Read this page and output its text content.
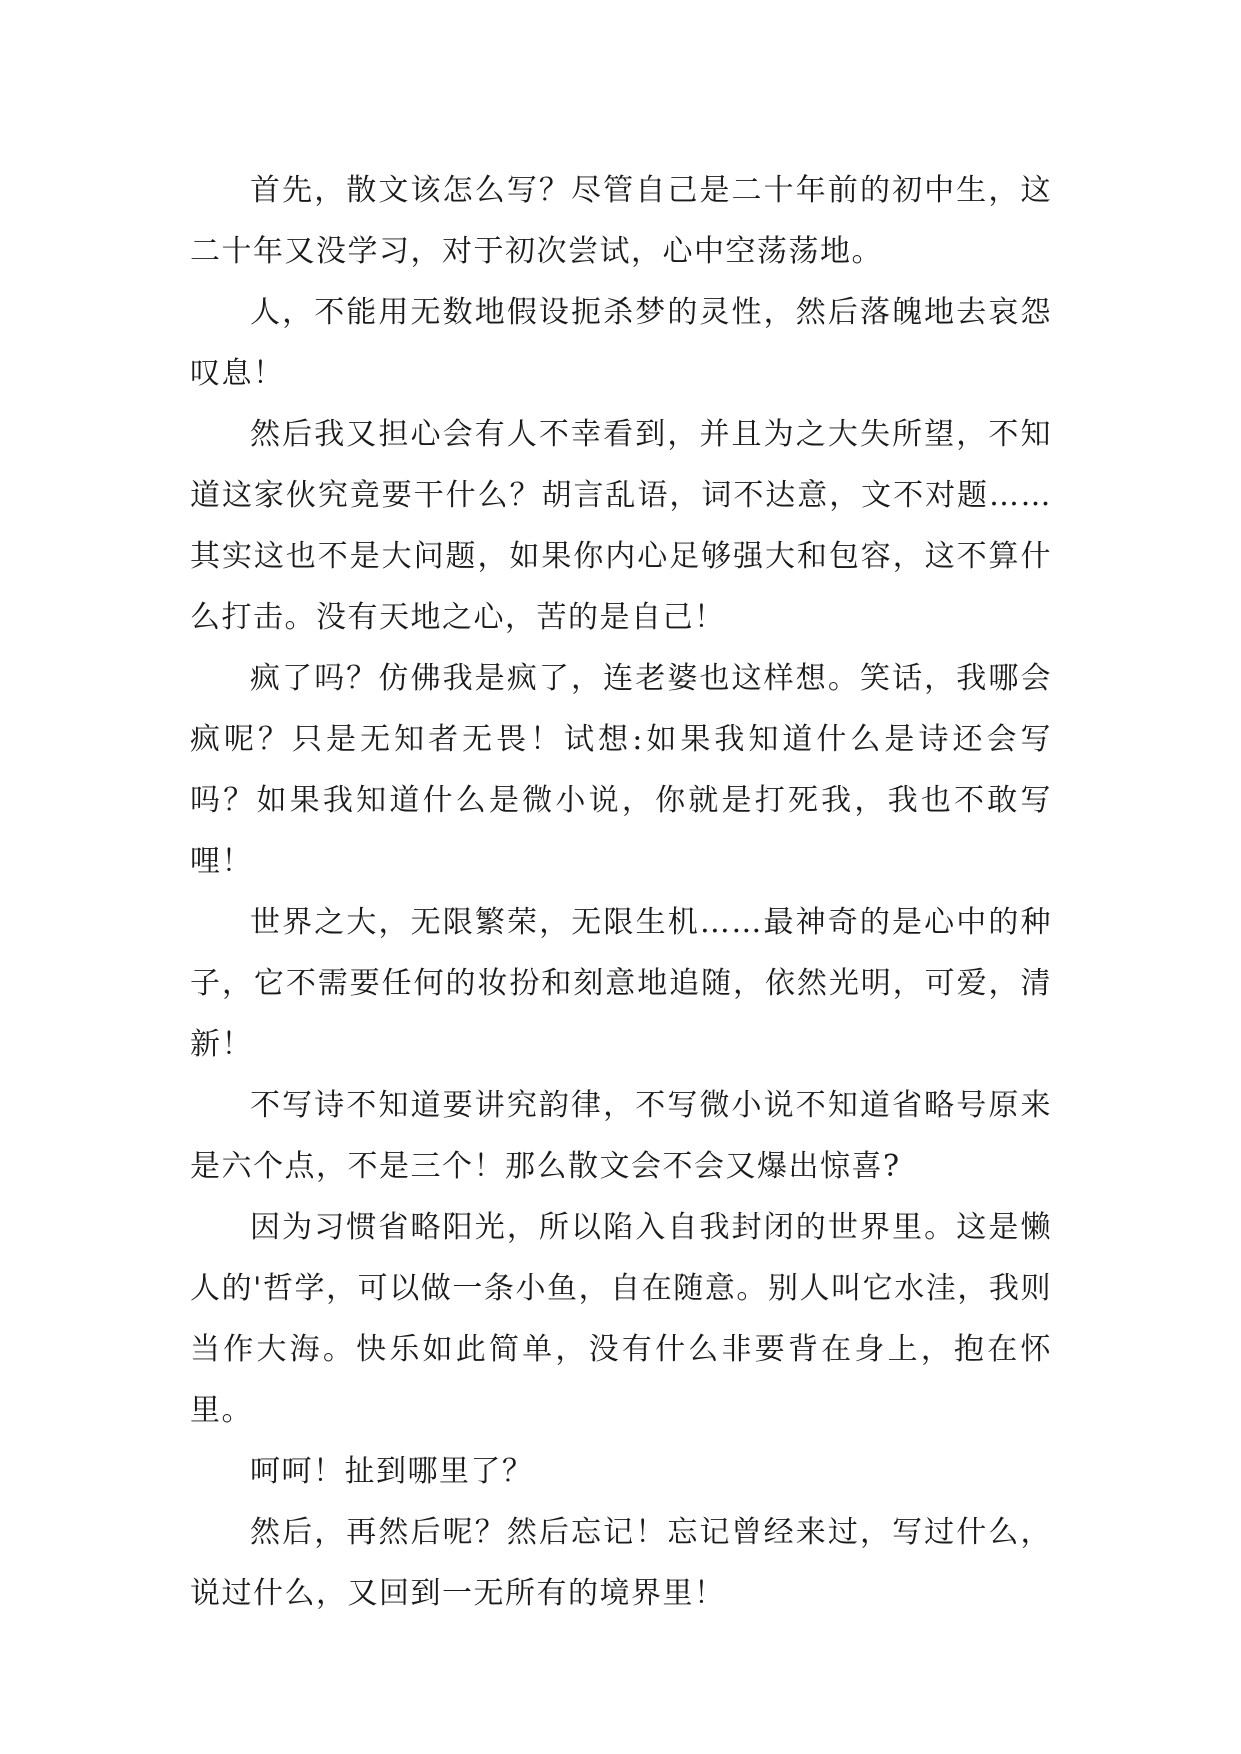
首先，散文该怎么写？尽管自己是二十年前的初中生，这二十年又没学习，对于初次尝试，心中空荡荡地。

人，不能用无数地假设扼杀梦的灵性，然后落魄地去哀怨叹息！

然后我又担心会有人不幸看到，并且为之大失所望，不知道这家伙究竟要干什么？胡言乱语，词不达意，文不对题……其实这也不是大问题，如果你内心足够强大和包容，这不算什么打击。没有天地之心，苦的是自己！

疯了吗？仿佛我是疯了，连老婆也这样想。笑话，我哪会疯呢？只是无知者无畏！试想:如果我知道什么是诗还会写吗？如果我知道什么是微小说，你就是打死我，我也不敢写哩！

世界之大，无限繁荣，无限生机……最神奇的是心中的种子，它不需要任何的妆扮和刻意地追随，依然光明，可爱，清新！

不写诗不知道要讲究韵律，不写微小说不知道省略号原来是六个点，不是三个！那么散文会不会又爆出惊喜?

因为习惯省略阳光，所以陷入自我封闭的世界里。这是懒人的'哲学，可以做一条小鱼，自在随意。别人叫它水洼，我则当作大海。快乐如此简单，没有什么非要背在身上，抱在怀里。

呵呵！扯到哪里了？

然后，再然后呢？然后忘记！忘记曾经来过，写过什么，说过什么，又回到一无所有的境界里！
